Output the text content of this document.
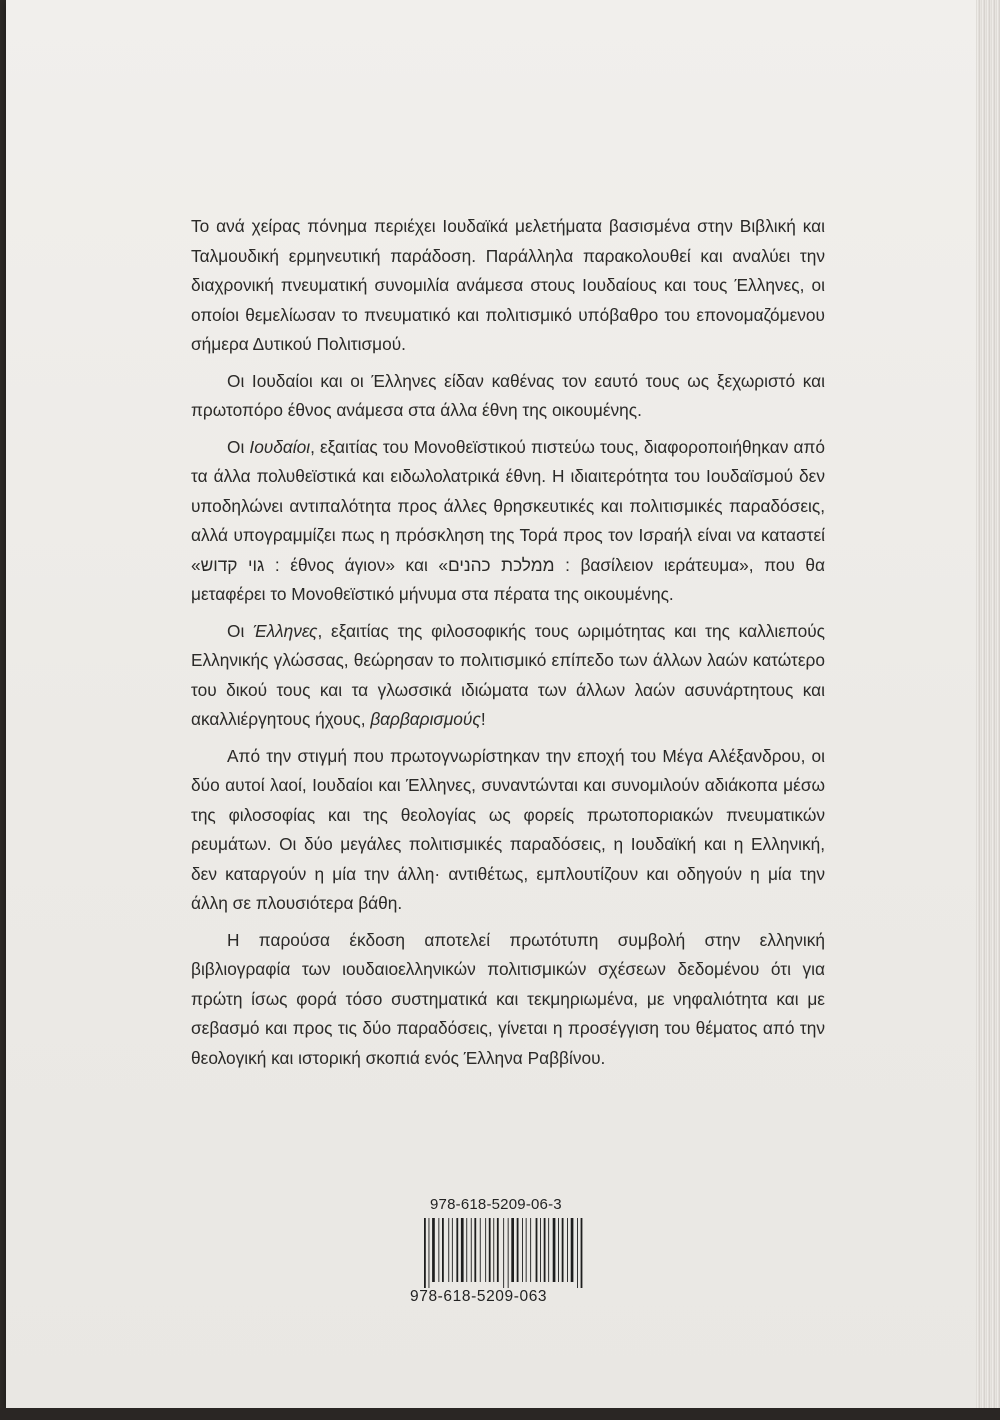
Το ανά χείρας πόνημα περιέχει Ιουδαϊκά μελετήματα βασισμένα στην Βιβλική και Ταλμουδική ερμηνευτική παράδοση. Παράλληλα παρακολουθεί και αναλύει την διαχρονική πνευματική συνομιλία ανάμεσα στους Ιουδαίους και τους Έλληνες, οι οποίοι θεμελίωσαν το πνευματικό και πολιτισμικό υπόβαθρο του επονομαζόμενου σήμερα Δυτικού Πολιτισμού.

Οι Ιουδαίοι και οι Έλληνες είδαν καθένας τον εαυτό τους ως ξεχωριστό και πρωτοπόρο έθνος ανάμεσα στα άλλα έθνη της οικουμένης.

Οι Ιουδαίοι, εξαιτίας του Μονοθεϊστικού πιστεύω τους, διαφοροποιήθηκαν από τα άλλα πολυθεϊστικά και ειδωλολατρικά έθνη. Η ιδιαιτερότητα του Ιουδαϊσμού δεν υποδηλώνει αντιπαλότητα προς άλλες θρησκευτικές και πολιτισμικές παραδόσεις, αλλά υπογραμμίζει πως η πρόσκληση της Τορά προς τον Ισραήλ είναι να καταστεί «גוי קדוש : έθνος άγιον» και «ממלכת כהנים : βασίλειον ιεράτευμα», που θα μεταφέρει το Μονοθεϊστικό μήνυμα στα πέρατα της οικουμένης.

Οι Έλληνες, εξαιτίας της φιλοσοφικής τους ωριμότητας και της καλλιεπούς Ελληνικής γλώσσας, θεώρησαν το πολιτισμικό επίπεδο των άλλων λαών κατώτερο του δικού τους και τα γλωσσικά ιδιώματα των άλλων λαών ασυνάρτητους και ακαλλιέργητους ήχους, βαρβαρισμούς!

Από την στιγμή που πρωτογνωρίστηκαν την εποχή του Μέγα Αλέξανδρου, οι δύο αυτοί λαοί, Ιουδαίοι και Έλληνες, συναντώνται και συνομιλούν αδιάκοπα μέσω της φιλοσοφίας και της θεολογίας ως φορείς πρωτοποριακών πνευματικών ρευμάτων. Οι δύο μεγάλες πολιτισμικές παραδόσεις, η Ιουδαϊκή και η Ελληνική, δεν καταργούν η μία την άλλη· αντιθέτως, εμπλουτίζουν και οδηγούν η μία την άλλη σε πλουσιότερα βάθη.

Η παρούσα έκδοση αποτελεί πρωτότυπη συμβολή στην ελληνική βιβλιογραφία των ιουδαιοελληνικών πολιτισμικών σχέσεων δεδομένου ότι για πρώτη ίσως φορά τόσο συστηματικά και τεκμηριωμένα, με νηφαλιότητα και με σεβασμό και προς τις δύο παραδόσεις, γίνεται η προσέγγιση του θέματος από την θεολογική και ιστορική σκοπιά ενός Έλληνα Ραββίνου.

978-618-5209-06-3
978-618-5209-063
